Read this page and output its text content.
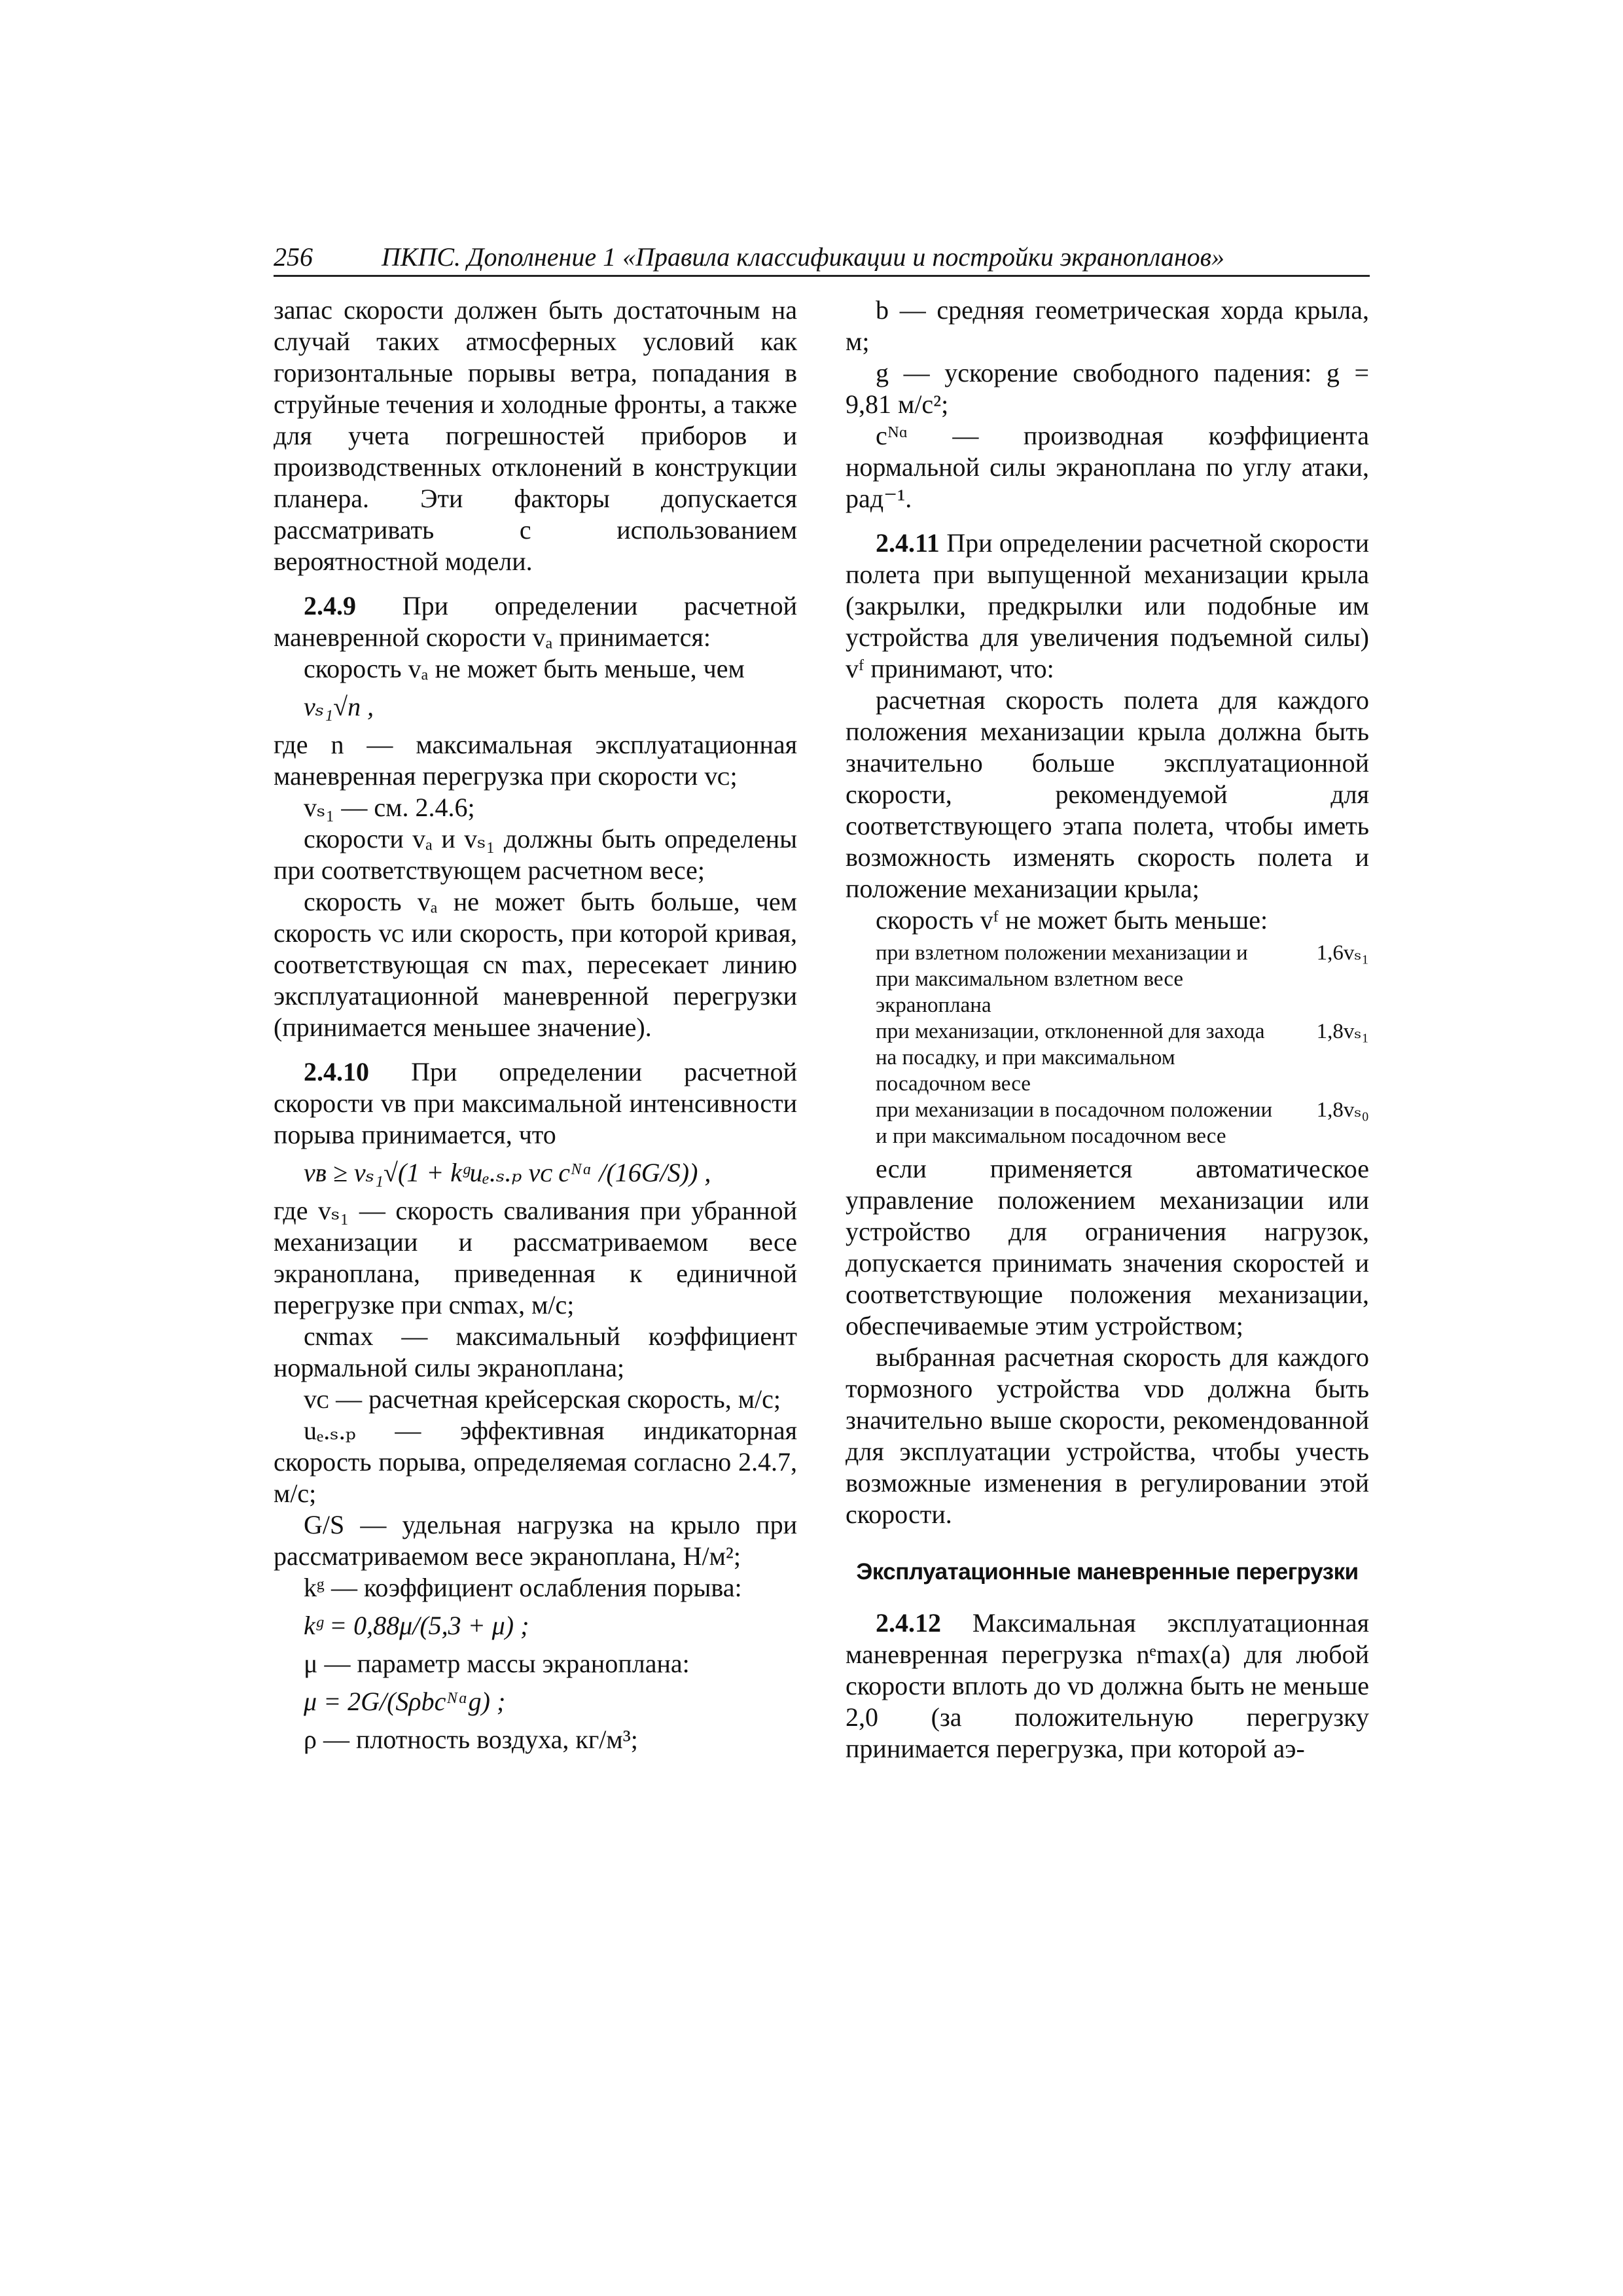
256	ПКПС. Дополнение 1 «Правила классификации и постройки экранопланов»

запас скорости должен быть достаточным на случай таких атмосферных условий как горизонтальные порывы ветра, попадания в струйные течения и холодные фронты, а также для учета погрешностей приборов и производственных отклонений в конструкции планера. Эти факторы допускается рассматривать с использованием вероятностной модели.

2.4.9 При определении расчетной маневренной скорости vₐ принимается:

скорость vₐ не может быть меньше, чем

vₛ₁√n ,

где n — максимальная эксплуатационная маневренная перегрузка при скорости vᴄ;

vₛ₁ — см. 2.4.6;

скорости vₐ и vₛ₁ должны быть определены при соответствующем расчетном весе;

скорость vₐ не может быть больше, чем скорость vᴄ или скорость, при которой кривая, соответствующая cɴ max, пересекает линию эксплуатационной маневренной перегрузки (принимается меньшее значение).

2.4.10 При определении расчетной скорости vʙ при максимальной интенсивности порыва принимается, что

vʙ ≥ vₛ₁√(1 + kᵍuₑ.ₛ.ₚ vᴄ cᴺᵅ /(16G/S)) ,

где vₛ₁ — скорость сваливания при убранной механизации и рассматриваемом весе экраноплана, приведенная к единичной перегрузке при cɴmax, м/с;

cɴmax — максимальный коэффициент нормальной силы экраноплана;

vᴄ — расчетная крейсерская скорость, м/с;

uₑ.ₛ.ₚ — эффективная индикаторная скорость порыва, определяемая согласно 2.4.7, м/с;

G/S — удельная нагрузка на крыло при рассматриваемом весе экраноплана, Н/м²;

kᵍ — коэффициент ослабления порыва:

kᵍ = 0,88μ/(5,3 + μ) ;

μ — параметр массы экраноплана:

μ = 2G/(Sρbcᴺᵅg) ;

ρ — плотность воздуха, кг/м³;

b — средняя геометрическая хорда крыла, м;

g — ускорение свободного падения: g = 9,81 м/с²;

cᴺᵅ — производная коэффициента нормальной силы экраноплана по углу атаки, рад⁻¹.

2.4.11 При определении расчетной скорости полета при выпущенной механизации крыла (закрылки, предкрылки или подобные им устройства для увеличения подъемной силы) vᶠ принимают, что:

расчетная скорость полета для каждого положения механизации крыла должна быть значительно больше эксплуатационной скорости, рекомендуемой для соответствующего этапа полета, чтобы иметь возможность изменять скорость полета и положение механизации крыла;

скорость vᶠ не может быть меньше:

при взлетном положении механизации и при максимальном взлетном весе экраноплана
1,6vₛ₁
при механизации, отклоненной для захода на посадку, и при максимальном посадочном весе
1,8vₛ₁
при механизации в посадочном положении и при максимальном посадочном весе
1,8vₛ₀

если применяется автоматическое управление положением механизации или устройство для ограничения нагрузок, допускается принимать значения скоростей и соответствующие положения механизации, обеспечиваемые этим устройством;

выбранная расчетная скорость для каждого тормозного устройства vᴅᴅ должна быть значительно выше скорости, рекомендованной для эксплуатации устройства, чтобы учесть возможные изменения в регулировании этой скорости.

Эксплуатационные маневренные перегрузки

2.4.12 Максимальная эксплуатационная маневренная перегрузка nᵉmax(a) для любой скорости вплоть до vᴅ должна быть не меньше 2,0 (за положительную перегрузку принимается перегрузка, при которой аэ-
